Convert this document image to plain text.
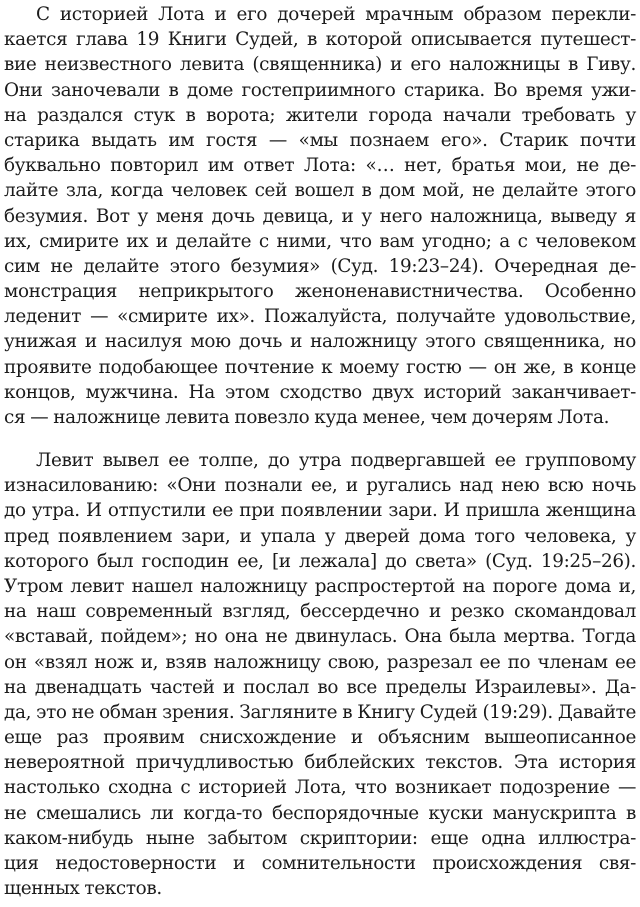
С историей Лота и его дочерей мрачным образом перекли-
кается глава 19 Книги Судей, в которой описывается путешест-
вие неизвестного левита (священника) и его наложницы в Гиву.
Они заночевали в доме гостеприимного старика. Во время ужи-
на раздался стук в ворота; жители города начали требовать у
старика выдать им гостя — «мы познаем его». Старик почти
буквально повторил им ответ Лота: «… нет, братья мои, не де-
лайте зла, когда человек сей вошел в дом мой, не делайте этого
безумия. Вот у меня дочь девица, и у него наложница, выведу я
их, смирите их и делайте с ними, что вам угодно; а с человеком
сим не делайте этого безумия» (Суд. 19:23–24). Очередная де-
монстрация неприкрытого женоненавистничества. Особенно
леденит — «смирите их». Пожалуйста, получайте удовольствие,
унижая и насилуя мою дочь и наложницу этого священника, но
проявите подобающее почтение к моему гостю — он же, в конце
концов, мужчина. На этом сходство двух историй заканчивает-
ся — наложнице левита повезло куда менее, чем дочерям Лота.
Левит вывел ее толпе, до утра подвергавшей ее групповому
изнасилованию: «Они познали ее, и ругались над нею всю ночь
до утра. И отпустили ее при появлении зари. И пришла женщина
пред появлением зари, и упала у дверей дома того человека, у
которого был господин ее, [и лежала] до света» (Суд. 19:25–26).
Утром левит нашел наложницу распростертой на пороге дома и,
на наш современный взгляд, бессердечно и резко скомандовал
«вставай, пойдем»; но она не двинулась. Она была мертва. Тогда
он «взял нож и, взяв наложницу свою, разрезал ее по членам ее
на двенадцать частей и послал во все пределы Израилевы». Да-
да, это не обман зрения. Загляните в Книгу Судей (19:29). Давайте
еще раз проявим снисхождение и объясним вышеописанное
невероятной причудливостью библейских текстов. Эта история
настолько сходна с историей Лота, что возникает подозрение —
не смешались ли когда-то беспорядочные куски манускрипта в
каком-нибудь ныне забытом скриптории: еще одна иллюстра-
ция недостоверности и сомнительности происхождения свя-
щенных текстов.
